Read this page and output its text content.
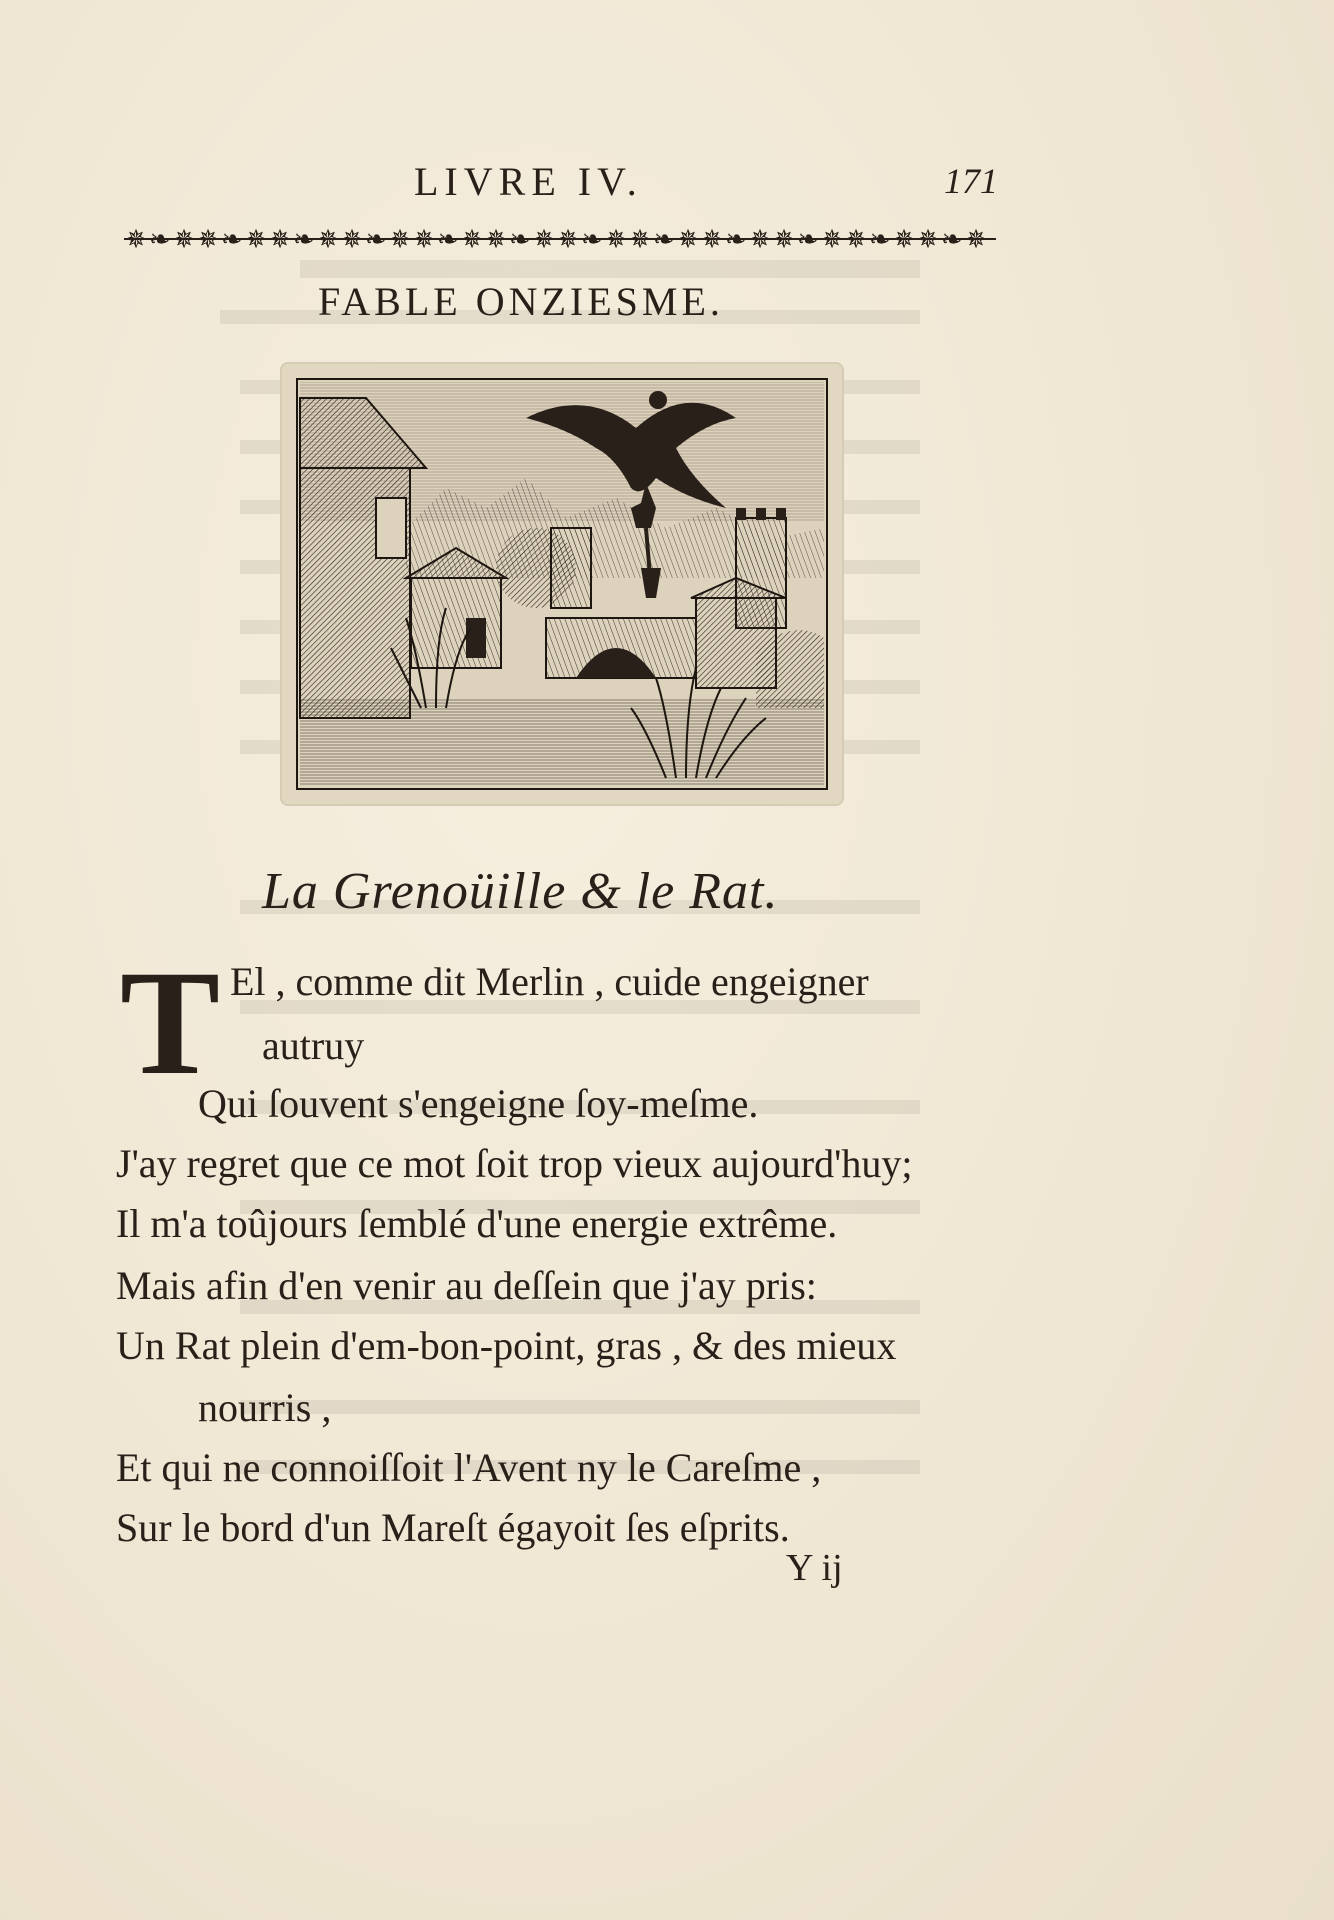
LIVRE IV.	171
✵ ❧ ✵ ✵ ❧ ✵ ✵ ❧ ✵ ✵ ❧ ✵ ✵ ❧ ✵ ✵ ❧ ✵ ✵ ❧ ✵ ✵ ❧ ✵ ✵ ❧ ✵ ✵ ❧ ✵ ✵ ❧ ✵ ✵ ❧ ✵
FABLE ONZIESME.
La Grenoüille & le Rat.
T El , comme dit Merlin , cuide engeigner
autruy
Qui ſouvent s'engeigne ſoy-meſme.
J'ay regret que ce mot ſoit trop vieux aujourd'huy;
Il m'a toûjours ſemblé d'une energie extrême.
Mais afin d'en venir au deſſein que j'ay pris:
Un Rat plein d'em-bon-point, gras , & des mieux
nourris ,
Et qui ne connoiſſoit l'Avent ny le Careſme ,
Sur le bord d'un Mareſt égayoit ſes eſprits.
Y ij
